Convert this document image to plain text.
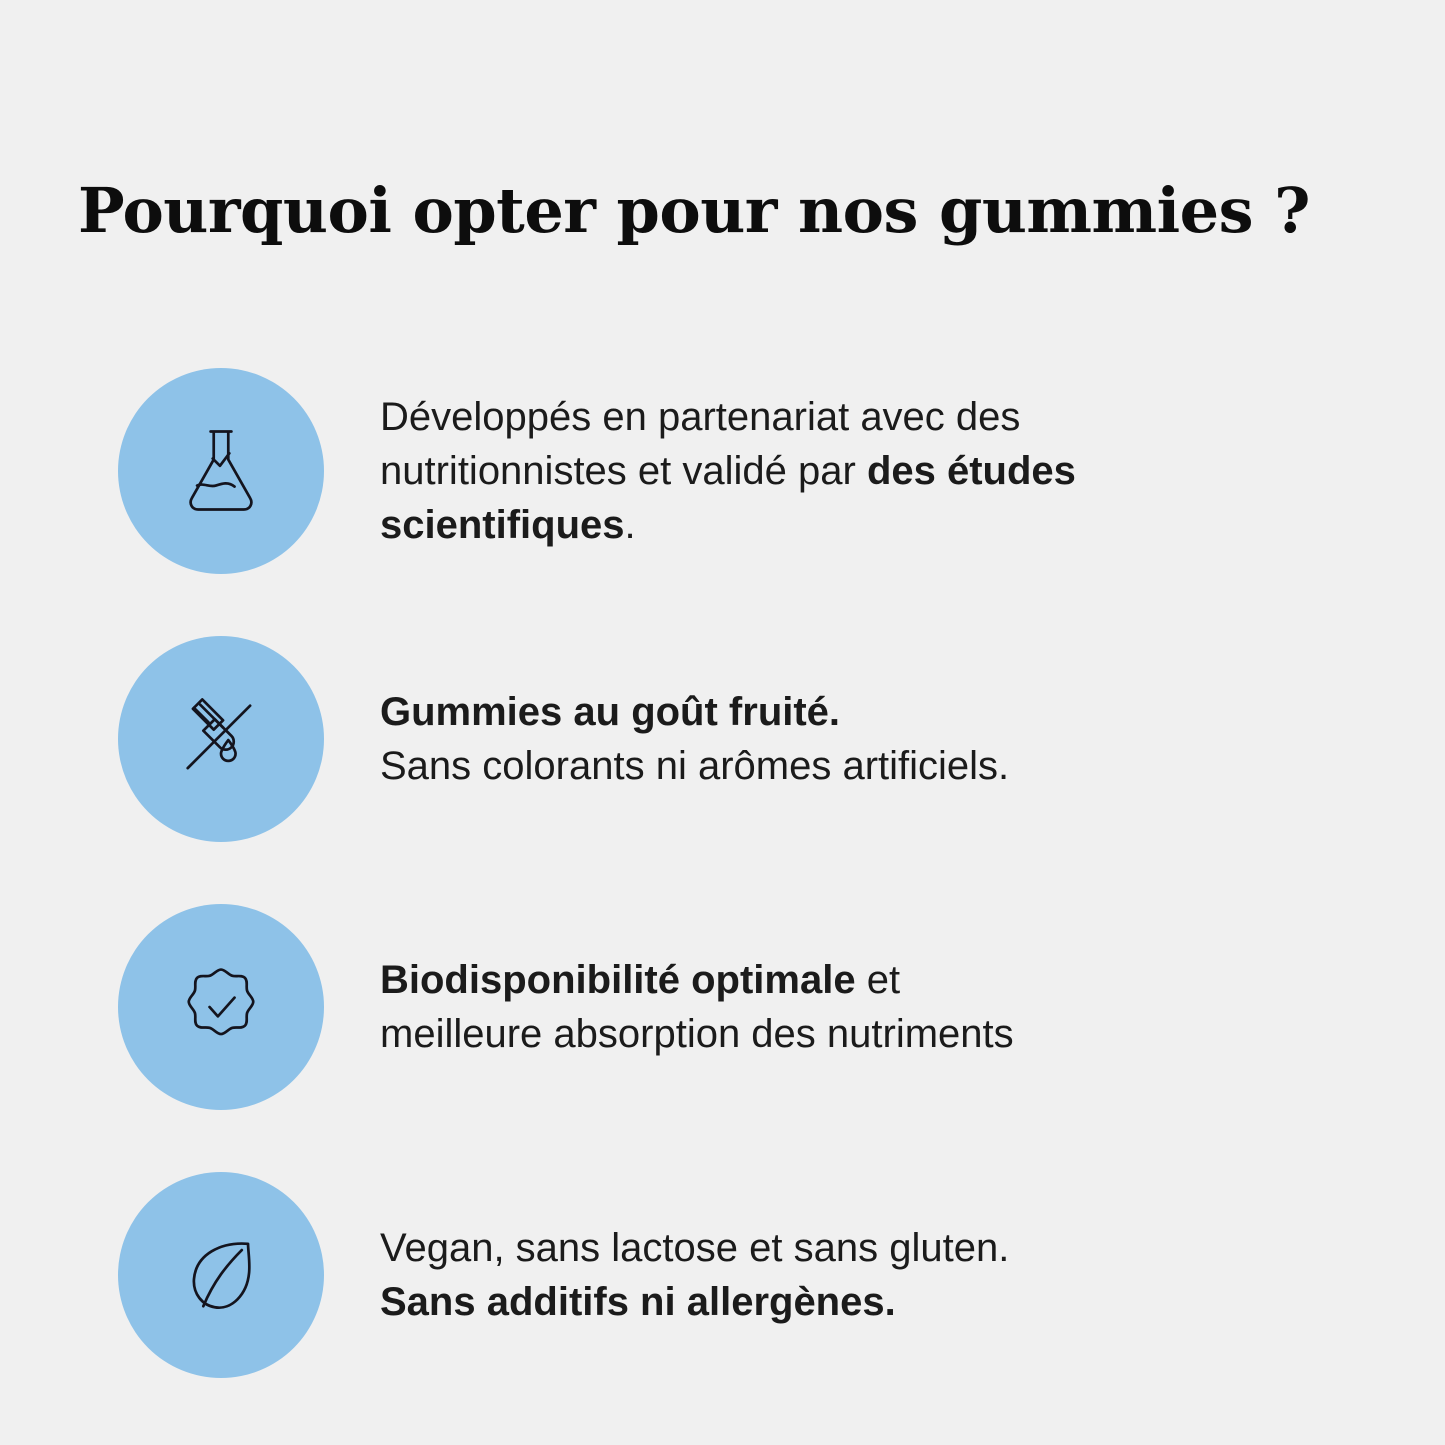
Pourquoi opter pour nos gummies ?
Développés en partenariat avec des
nutritionnistes et validé par des études
scientifiques.
Gummies au goût fruité.
Sans colorants ni arômes artificiels.
Biodisponibilité optimale et
meilleure absorption des nutriments
Vegan, sans lactose et sans gluten.
Sans additifs ni allergènes.
